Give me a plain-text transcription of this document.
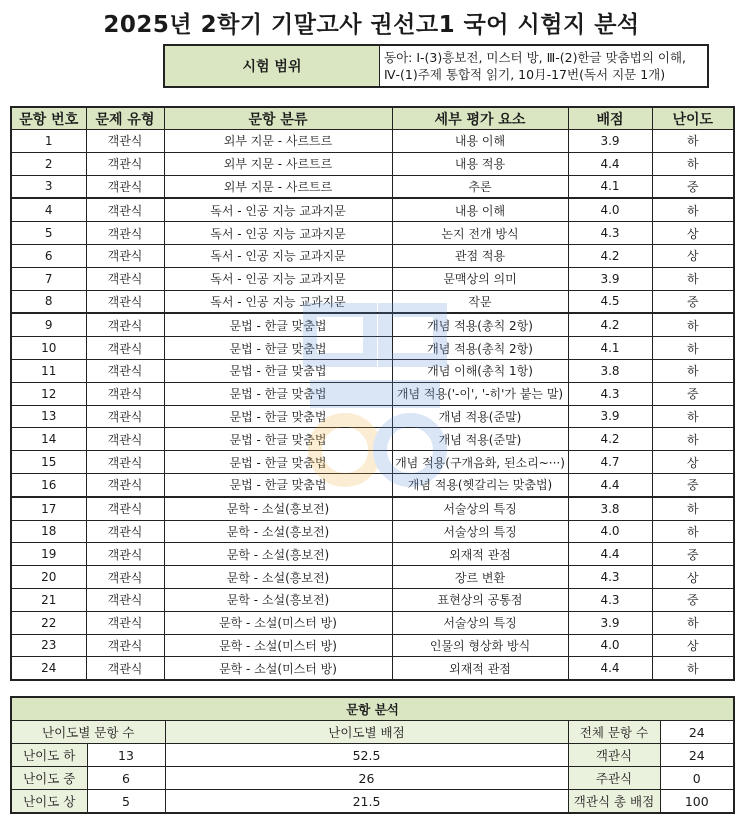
2025년 2학기 기말고사 권선고1 국어 시험지 분석
시험 범위	
동아: Ⅰ-(3)흥보전, 미스터 방, Ⅲ-(2)한글 맞춤법의 이해,
Ⅳ-(1)주제 통합적 읽기, 10月-17번(독서 지문 1개)
문항 번호	문제 유형	문항 분류	세부 평가 요소	배점	난이도
1	객관식	외부 지문 - 사르트르	내용 이해	3.9	하
2	객관식	외부 지문 - 사르트르	내용 적용	4.4	하
3	객관식	외부 지문 - 사르트르	추론	4.1	중
4	객관식	독서 - 인공 지능 교과지문	내용 이해	4.0	하
5	객관식	독서 - 인공 지능 교과지문	논지 전개 방식	4.3	상
6	객관식	독서 - 인공 지능 교과지문	관점 적용	4.2	상
7	객관식	독서 - 인공 지능 교과지문	문맥상의 의미	3.9	하
8	객관식	독서 - 인공 지능 교과지문	작문	4.5	중
9	객관식	문법 - 한글 맞춤법	개념 적용(총칙 2항)	4.2	하
10	객관식	문법 - 한글 맞춤법	개념 적용(총칙 2항)	4.1	하
11	객관식	문법 - 한글 맞춤법	개념 이해(총칙 1항)	3.8	하
12	객관식	문법 - 한글 맞춤법	개념 적용('-이', '-히'가 붙는 말)	4.3	중
13	객관식	문법 - 한글 맞춤법	개념 적용(준말)	3.9	하
14	객관식	문법 - 한글 맞춤법	개념 적용(준말)	4.2	하
15	객관식	문법 - 한글 맞춤법	개념 적용(구개음화, 된소리~···)	4.7	상
16	객관식	문법 - 한글 맞춤법	개념 적용(헷갈리는 맞춤법)	4.4	중
17	객관식	문학 - 소설(흥보전)	서술상의 특징	3.8	하
18	객관식	문학 - 소설(흥보전)	서술상의 특징	4.0	하
19	객관식	문학 - 소설(흥보전)	외재적 관점	4.4	중
20	객관식	문학 - 소설(흥보전)	장르 변환	4.3	상
21	객관식	문학 - 소설(흥보전)	표현상의 공통점	4.3	중
22	객관식	문학 - 소설(미스터 방)	서술상의 특징	3.9	하
23	객관식	문학 - 소설(미스터 방)	인물의 형상화 방식	4.0	상
24	객관식	문학 - 소설(미스터 방)	외재적 관점	4.4	하
문항 분석				
난이도별 문항 수		난이도별 배점	전체 문항 수	24
난이도 하	13	52.5	객관식	24
난이도 중	6	26	주관식	0
난이도 상	5	21.5	객관식 총 배점	100
